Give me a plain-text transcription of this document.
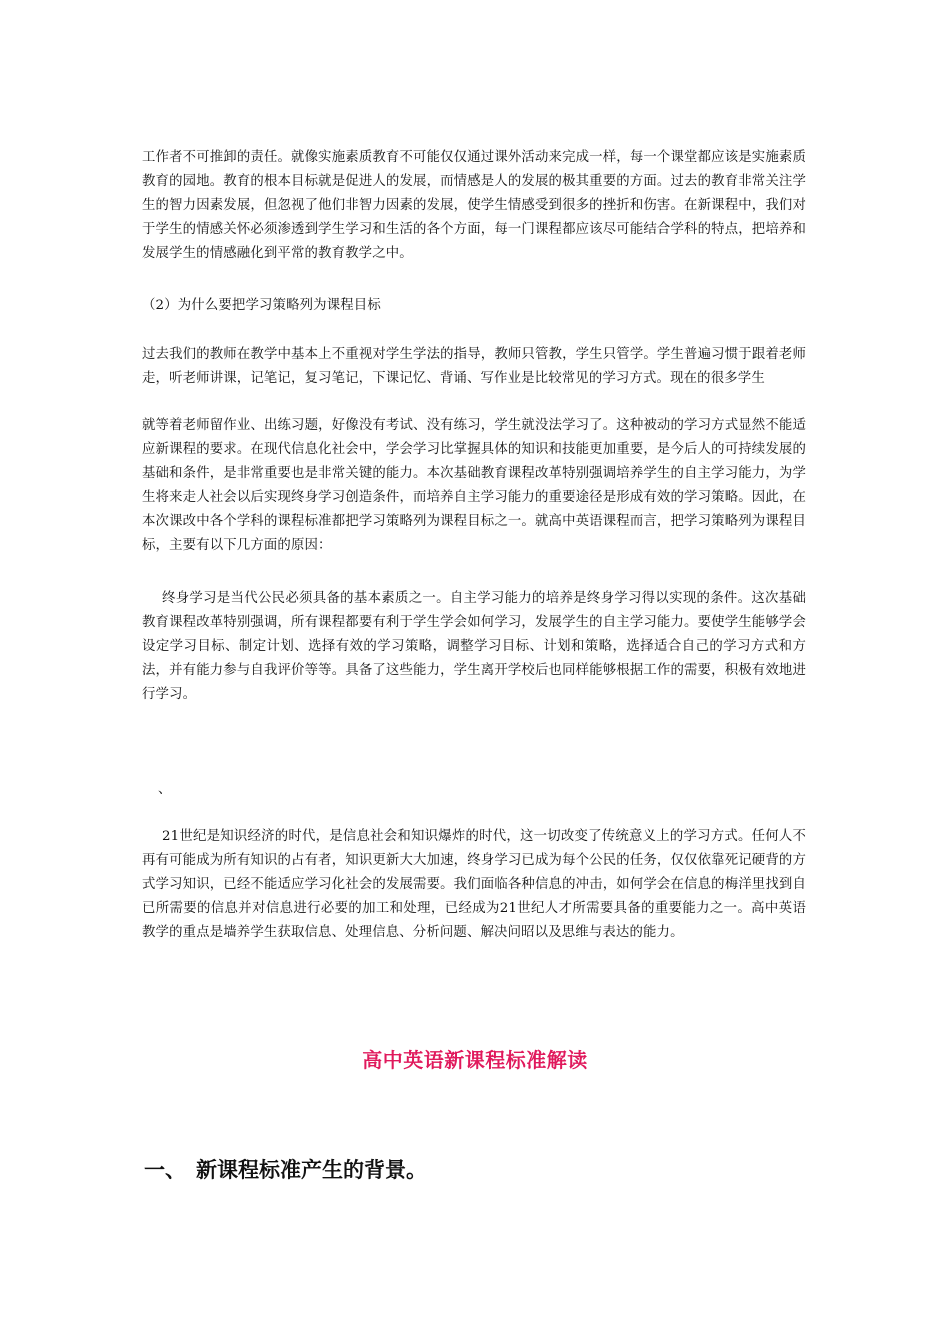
工作者不可推卸的责任。就像实施素质教育不可能仅仅通过课外活动来完成一样，每一个课堂都应该是实施素质教育的园地。教育的根本目标就是促进人的发展，而情感是人的发展的极其重要的方面。过去的教育非常关注学生的智力因素发展，但忽视了他们非智力因素的发展，使学生情感受到很多的挫折和伤害。在新课程中，我们对于学生的情感关怀必须渗透到学生学习和生活的各个方面，每一门课程都应该尽可能结合学科的特点，把培养和发展学生的情感融化到平常的教育教学之中。

（2）为什么要把学习策略列为课程目标

过去我们的教师在教学中基本上不重视对学生学法的指导，教师只管教，学生只管学。学生普遍习惯于跟着老师走，听老师讲课，记笔记，复习笔记，下课记忆、背诵、写作业是比较常见的学习方式。现在的很多学生

就等着老师留作业、出练习题，好像没有考试、没有练习，学生就没法学习了。这种被动的学习方式显然不能适应新课程的要求。在现代信息化社会中，学会学习比掌握具体的知识和技能更加重要，是今后人的可持续发展的基础和条件，是非常重要也是非常关键的能力。本次基础教育课程改革特别强调培养学生的自主学习能力，为学生将来走人社会以后实现终身学习创造条件，而培养自主学习能力的重要途径是形成有效的学习策略。因此，在本次课改中各个学科的课程标准都把学习策略列为课程目标之一。就高中英语课程而言，把学习策略列为课程目标，主要有以下几方面的原因：

终身学习是当代公民必须具备的基本素质之一。自主学习能力的培养是终身学习得以实现的条件。这次基础教育课程改革特别强调，所有课程都要有利于学生学会如何学习，发展学生的自主学习能力。要使学生能够学会设定学习目标、制定计划、选择有效的学习策略，调整学习目标、计划和策略，选择适合自己的学习方式和方法，并有能力参与自我评价等等。具备了这些能力，学生离开学校后也同样能够根据工作的需要，积极有效地进行学习。

、

21世纪是知识经济的时代，是信息社会和知识爆炸的时代，这一切改变了传统意义上的学习方式。任何人不再有可能成为所有知识的占有者，知识更新大大加速，终身学习已成为每个公民的任务，仅仅依靠死记硬背的方式学习知识，已经不能适应学习化社会的发展需要。我们面临各种信息的冲击，如何学会在信息的梅洋里找到自已所需要的信息并对信息进行必要的加工和处理，已经成为21世纪人才所需要具备的重要能力之一。高中英语教学的重点是墙养学生获取信息、处理信息、分析问题、解决问昭以及思维与表达的能力。

高中英语新课程标准解读
一、 新课程标准产生的背景。
